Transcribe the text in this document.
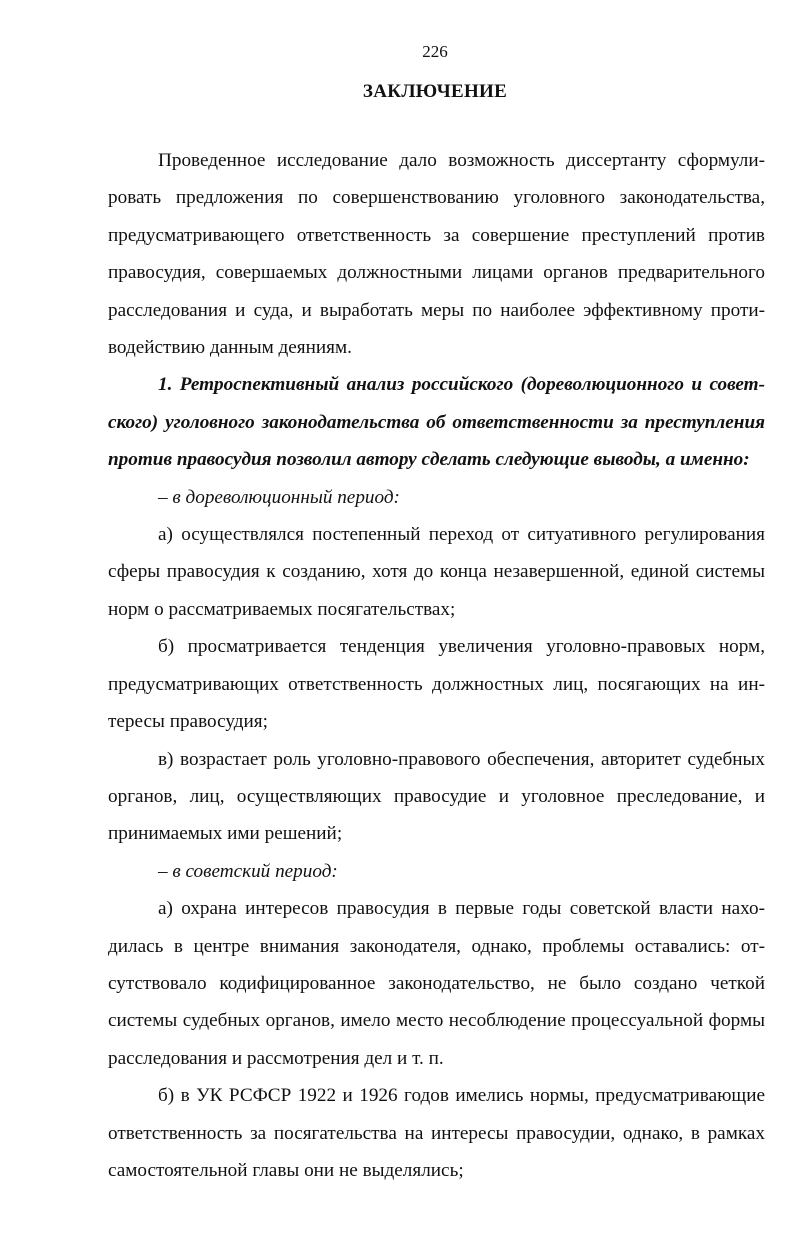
226
ЗАКЛЮЧЕНИЕ

Проведенное исследование дало возможность диссертанту сформулировать предложения по совершенствованию уголовного законодательства, предусматривающего ответственность за совершение преступлений против правосудия, совершаемых должностными лицами органов предварительного расследования и суда, и выработать меры по наиболее эффективному противодействию данным деяниям.

1. Ретроспективный анализ российского (дореволюционного и советского) уголовного законодательства об ответственности за преступления против правосудия позволил автору сделать следующие выводы, а именно:

– в дореволюционный период:

а) осуществлялся постепенный переход от ситуативного регулирования сферы правосудия к созданию, хотя до конца незавершенной, единой системы норм о рассматриваемых посягательствах;

б) просматривается тенденция увеличения уголовно-правовых норм, предусматривающих ответственность должностных лиц, посягающих на интересы правосудия;

в) возрастает роль уголовно-правового обеспечения, авторитет судебных органов, лиц, осуществляющих правосудие и уголовное преследование, и принимаемых ими решений;

– в советский период:

а) охрана интересов правосудия в первые годы советской власти находилась в центре внимания законодателя, однако, проблемы оставались: отсутствовало кодифицированное законодательство, не было создано четкой системы судебных органов, имело место несоблюдение процессуальной формы расследования и рассмотрения дел и т. п.

б) в УК РСФСР 1922 и 1926 годов имелись нормы, предусматривающие ответственность за посягательства на интересы правосудии, однако, в рамках самостоятельной главы они не выделялись;
